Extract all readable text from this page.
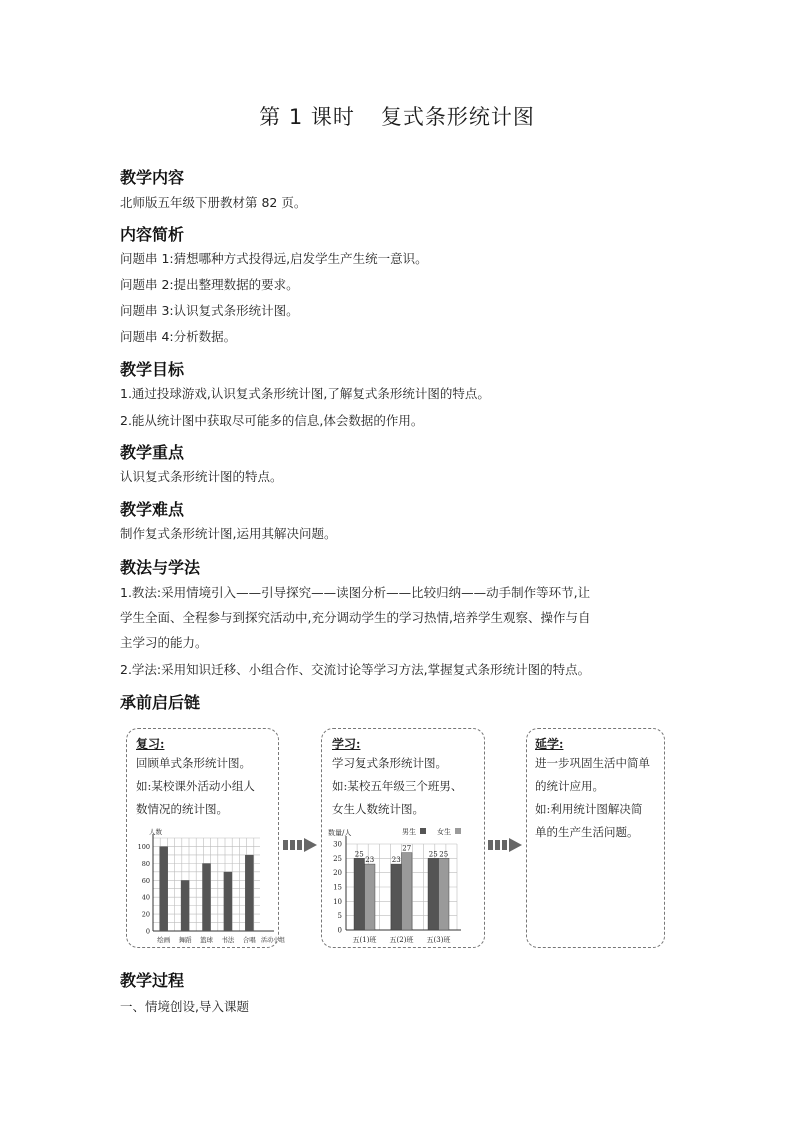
第 1 课时 复式条形统计图
教学内容
北师版五年级下册教材第 82 页。
内容简析
问题串 1:猜想哪种方式投得远,启发学生产生统一意识。
问题串 2:提出整理数据的要求。
问题串 3:认识复式条形统计图。
问题串 4:分析数据。
教学目标
1.通过投球游戏,认识复式条形统计图,了解复式条形统计图的特点。
2.能从统计图中获取尽可能多的信息,体会数据的作用。
教学重点
认识复式条形统计图的特点。
教学难点
制作复式条形统计图,运用其解决问题。
教法与学法
1.教法:采用情境引入——引导探究——读图分析——比较归纳——动手制作等环节,让
学生全面、全程参与到探究活动中,充分调动学生的学习热情,培养学生观察、操作与自
主学习的能力。
2.学法:采用知识迁移、小组合作、交流讨论等学习方法,掌握复式条形统计图的特点。
承前启后链
复习:
回顾单式条形统计图。
如:某校课外活动小组人
数情况的统计图。
人数
活动小组
0
20
40
60
80
100
绘画 舞蹈 篮球 书法 合唱
学习:
学习复式条形统计图。
如:某校五年级三个班男、
女生人数统计图。
数量/人	男生	女生
0
5
10
15
20
25
30
25
23
五(1)班
23
27
五(2)班
25 25
五(3)班
延学:
进一步巩固生活中简单
的统计应用。
如:利用统计图解决简
单的生产生活问题。
教学过程
一、情境创设,导入课题
